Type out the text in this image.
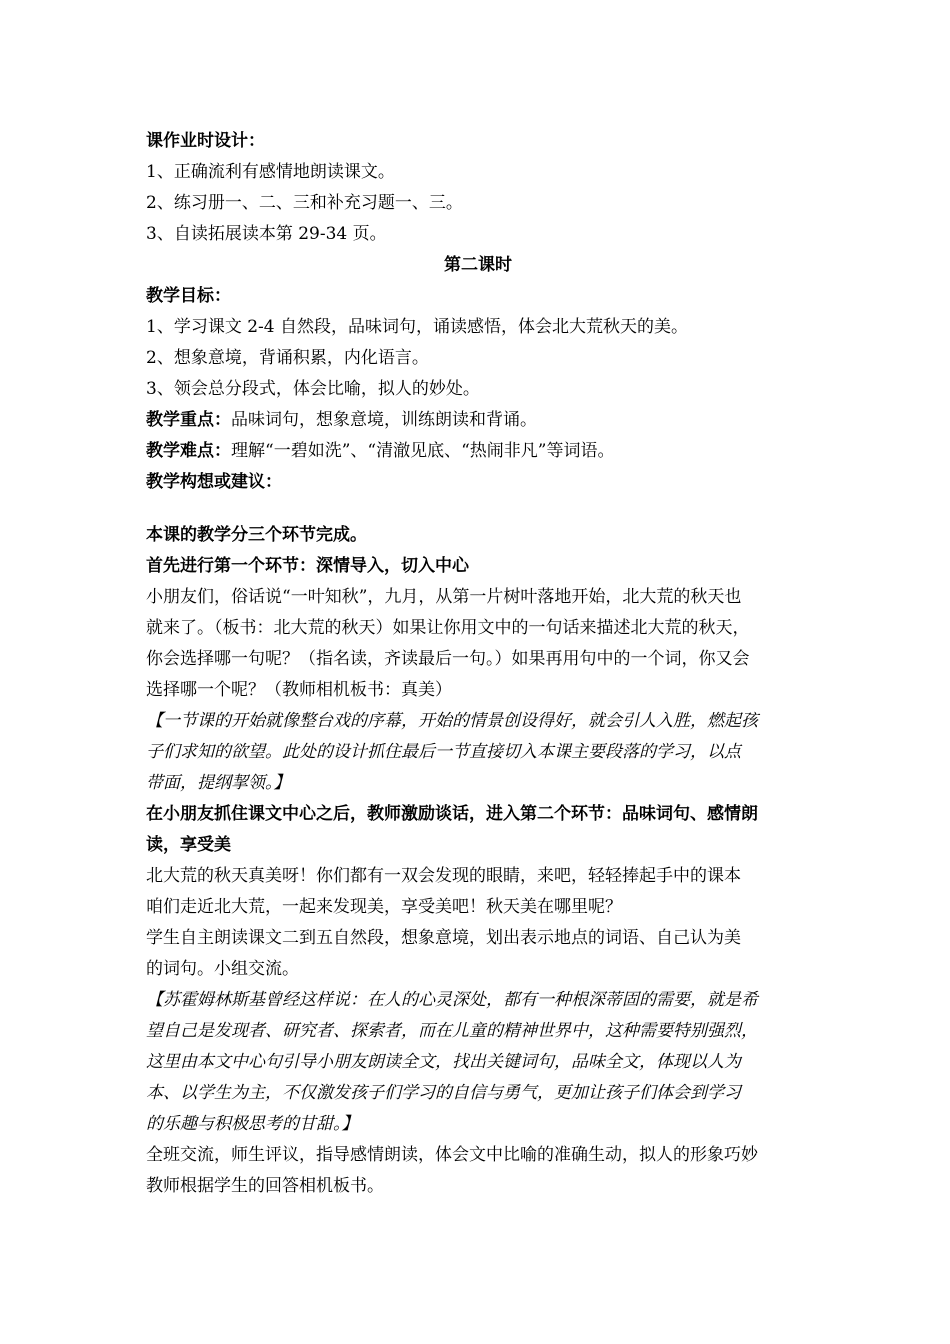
课作业时设计：
1、正确流利有感情地朗读课文。
2、练习册一、二、三和补充习题一、三。
3、自读拓展读本第 29-34 页。
第二课时
教学目标：
1、学习课文 2-4 自然段，品味词句，诵读感悟，体会北大荒秋天的美。
2、想象意境，背诵积累，内化语言。
3、领会总分段式，体会比喻，拟人的妙处。
教学重点：品味词句，想象意境，训练朗读和背诵。
教学难点：理解“一碧如洗”、“清澈见底、“热闹非凡”等词语。
教学构想或建议：
本课的教学分三个环节完成。
首先进行第一个环节：深情导入，切入中心
小朋友们，俗话说“一叶知秋”，九月，从第一片树叶落地开始，北大荒的秋天也
就来了。（板书：北大荒的秋天）如果让你用文中的一句话来描述北大荒的秋天，
你会选择哪一句呢？（指名读，齐读最后一句。）如果再用句中的一个词，你又会
选择哪一个呢？（教师相机板书：真美）
【一节课的开始就像整台戏的序幕，开始的情景创设得好，就会引人入胜，燃起孩
子们求知的欲望。此处的设计抓住最后一节直接切入本课主要段落的学习，以点
带面，提纲挈领。】
在小朋友抓住课文中心之后，教师激励谈话，进入第二个环节：品味词句、感情朗
读，享受美
北大荒的秋天真美呀！你们都有一双会发现的眼睛，来吧，轻轻捧起手中的课本
咱们走近北大荒，一起来发现美，享受美吧！秋天美在哪里呢？
学生自主朗读课文二到五自然段，想象意境，划出表示地点的词语、自己认为美
的词句。小组交流。
【苏霍姆林斯基曾经这样说：在人的心灵深处，都有一种根深蒂固的需要，就是希
望自己是发现者、研究者、探索者，而在儿童的精神世界中，这种需要特别强烈，
这里由本文中心句引导小朋友朗读全文，找出关键词句，品味全文，体现以人为
本、以学生为主，不仅激发孩子们学习的自信与勇气，更加让孩子们体会到学习
的乐趣与积极思考的甘甜。】
全班交流，师生评议，指导感情朗读，体会文中比喻的准确生动，拟人的形象巧妙
教师根据学生的回答相机板书。
